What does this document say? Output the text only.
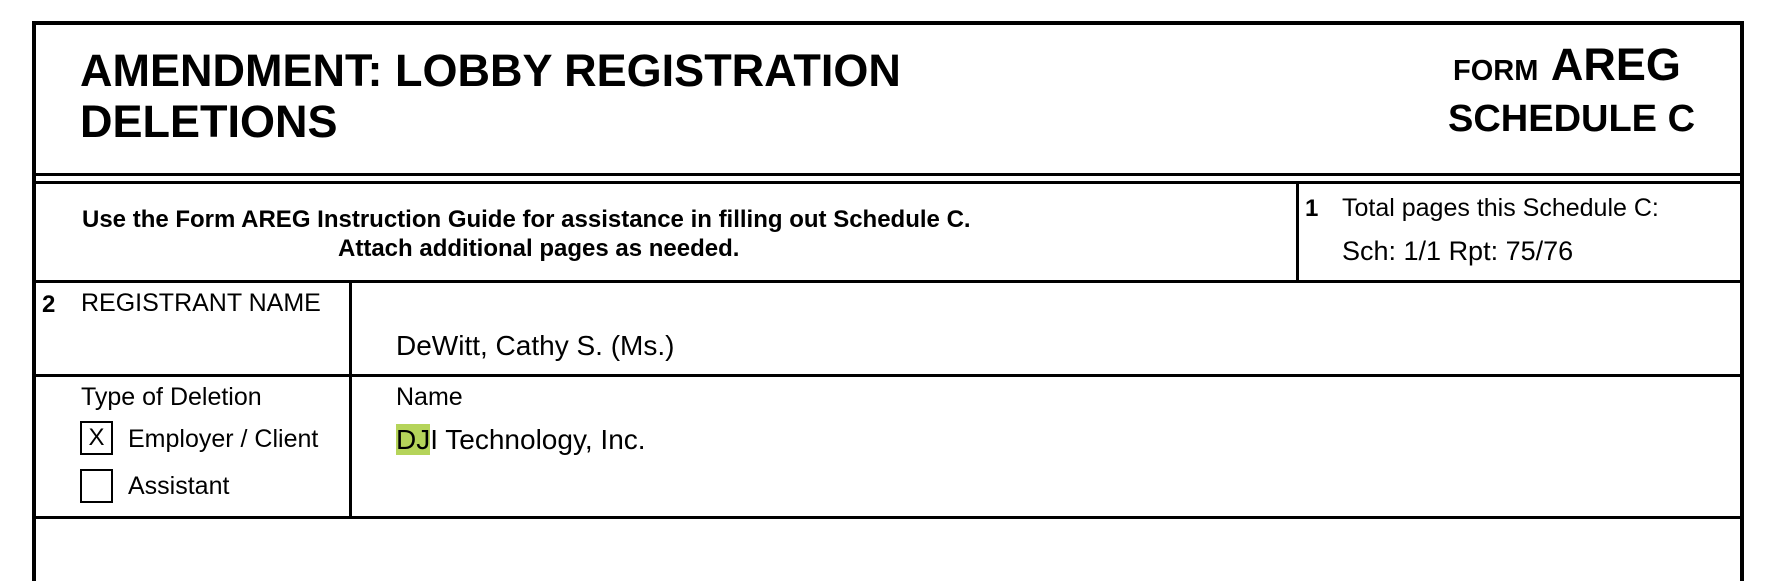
AMENDMENT: LOBBY REGISTRATION
DELETIONS
FORM AREG
SCHEDULE C
Use the Form AREG Instruction Guide for assistance in filling out Schedule C.
Attach additional pages as needed.
1 Total pages this Schedule C:
Sch: 1/1 Rpt: 75/76
2 REGISTRANT NAME
DeWitt, Cathy S. (Ms.)
Type of Deletion
X Employer / Client
Assistant
Name
DJI Technology, Inc.
